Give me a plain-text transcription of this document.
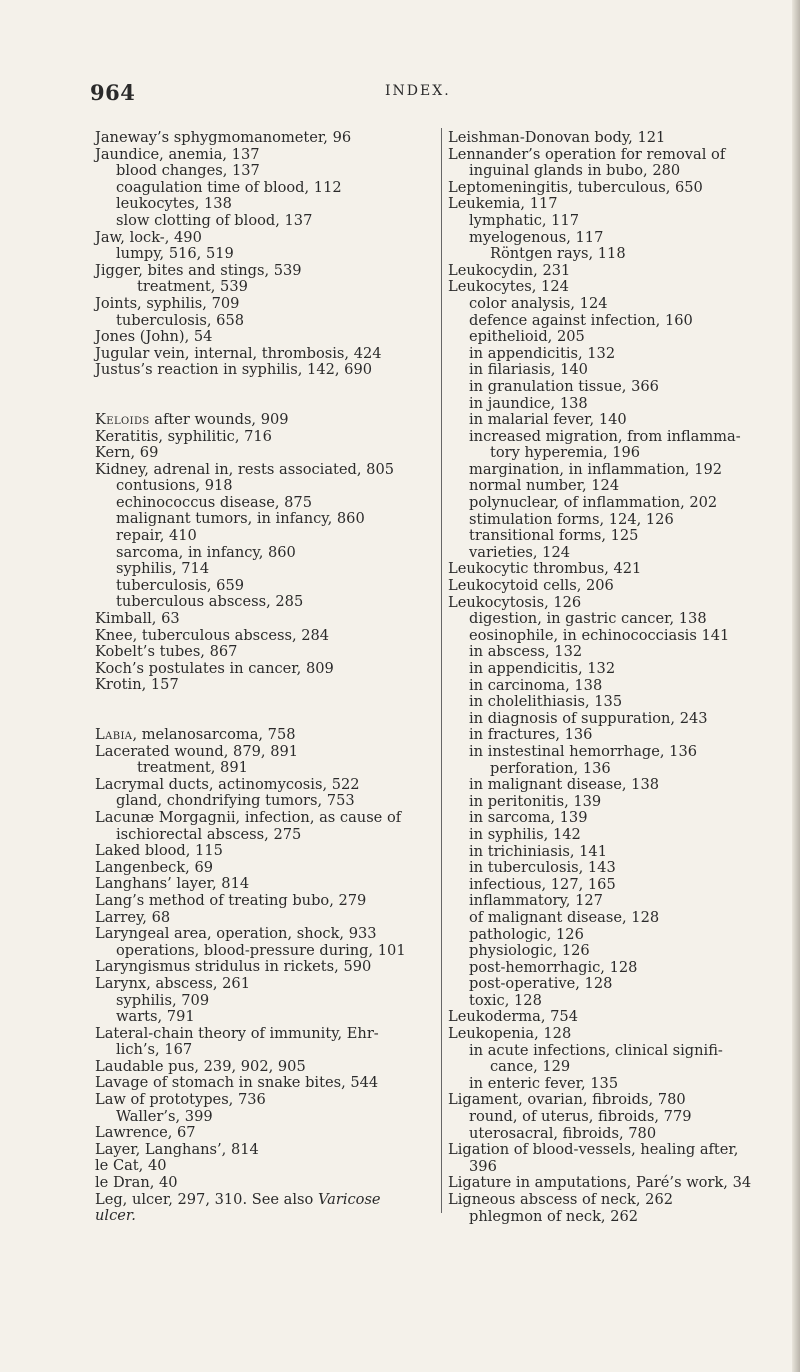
964	INDEX.
Janeway’s sphygmomanometer, 96
Jaundice, anemia, 137
blood changes, 137
coagulation time of blood, 112
leukocytes, 138
slow clotting of blood, 137
Jaw, lock-, 490
lumpy, 516, 519
Jigger, bites and stings, 539
treatment, 539
Joints, syphilis, 709
tuberculosis, 658
Jones (John), 54
Jugular vein, internal, thrombosis, 424
Justus’s reaction in syphilis, 142, 690
Keloids after wounds, 909
Keratitis, syphilitic, 716
Kern, 69
Kidney, adrenal in, rests associated, 805
contusions, 918
echinococcus disease, 875
malignant tumors, in infancy, 860
repair, 410
sarcoma, in infancy, 860
syphilis, 714
tuberculosis, 659
tuberculous abscess, 285
Kimball, 63
Knee, tuberculous abscess, 284
Kobelt’s tubes, 867
Koch’s postulates in cancer, 809
Krotin, 157
Labia, melanosarcoma, 758
Lacerated wound, 879, 891
treatment, 891
Lacrymal ducts, actinomycosis, 522
gland, chondrifying tumors, 753
Lacunæ Morgagnii, infection, as cause of
ischiorectal abscess, 275
Laked blood, 115
Langenbeck, 69
Langhans’ layer, 814
Lang’s method of treating bubo, 279
Larrey, 68
Laryngeal area, operation, shock, 933
operations, blood-pressure during, 101
Laryngismus stridulus in rickets, 590
Larynx, abscess, 261
syphilis, 709
warts, 791
Lateral-chain theory of immunity, Ehr-
lich’s, 167
Laudable pus, 239, 902, 905
Lavage of stomach in snake bites, 544
Law of prototypes, 736
Waller’s, 399
Lawrence, 67
Layer, Langhans’, 814
le Cat, 40
le Dran, 40
Leg, ulcer, 297, 310. See also Varicose
ulcer.
Leishman-Donovan body, 121
Lennander’s operation for removal of
inguinal glands in bubo, 280
Leptomeningitis, tuberculous, 650
Leukemia, 117
lymphatic, 117
myelogenous, 117
Röntgen rays, 118
Leukocydin, 231
Leukocytes, 124
color analysis, 124
defence against infection, 160
epithelioid, 205
in appendicitis, 132
in filariasis, 140
in granulation tissue, 366
in jaundice, 138
in malarial fever, 140
increased migration, from inflamma-
tory hyperemia, 196
margination, in inflammation, 192
normal number, 124
polynuclear, of inflammation, 202
stimulation forms, 124, 126
transitional forms, 125
varieties, 124
Leukocytic thrombus, 421
Leukocytoid cells, 206
Leukocytosis, 126
digestion, in gastric cancer, 138
eosinophile, in echinococciasis 141
in abscess, 132
in appendicitis, 132
in carcinoma, 138
in cholelithiasis, 135
in diagnosis of suppuration, 243
in fractures, 136
in instestinal hemorrhage, 136
perforation, 136
in malignant disease, 138
in peritonitis, 139
in sarcoma, 139
in syphilis, 142
in trichiniasis, 141
in tuberculosis, 143
infectious, 127, 165
inflammatory, 127
of malignant disease, 128
pathologic, 126
physiologic, 126
post-hemorrhagic, 128
post-operative, 128
toxic, 128
Leukoderma, 754
Leukopenia, 128
in acute infections, clinical signifi-
cance, 129
in enteric fever, 135
Ligament, ovarian, fibroids, 780
round, of uterus, fibroids, 779
uterosacral, fibroids, 780
Ligation of blood-vessels, healing after,
396
Ligature in amputations, Paré’s work, 34
Ligneous abscess of neck, 262
phlegmon of neck, 262
